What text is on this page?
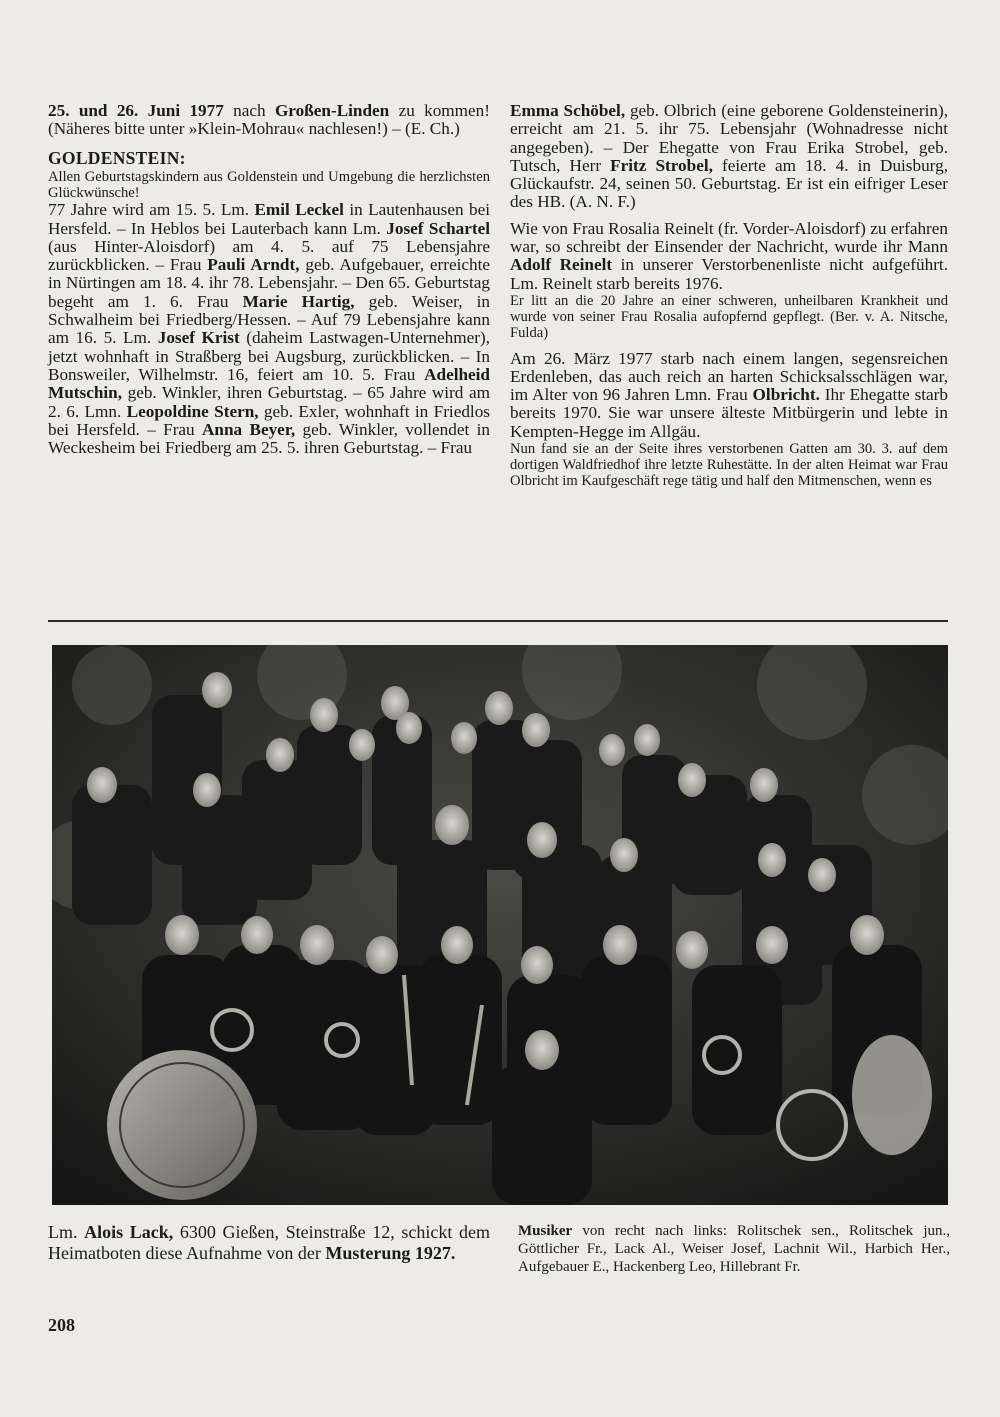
25. und 26. Juni 1977 nach Großen-Linden zu kommen! (Näheres bitte unter »Klein-Mohrau« nachlesen!) – (E. Ch.)

GOLDENSTEIN:

Allen Geburtstagskindern aus Goldenstein und Umgebung die herzlichsten Glückwünsche!

77 Jahre wird am 15. 5. Lm. Emil Leckel in Lautenhausen bei Hersfeld. – In Heblos bei Lauterbach kann Lm. Josef Schartel (aus Hinter-Aloisdorf) am 4. 5. auf 75 Lebensjahre zurückblicken. – Frau Pauli Arndt, geb. Aufgebauer, erreichte in Nürtingen am 18. 4. ihr 78. Lebensjahr. – Den 65. Geburtstag begeht am 1. 6. Frau Marie Hartig, geb. Weiser, in Schwalheim bei Friedberg/Hessen. – Auf 79 Lebensjahre kann am 16. 5. Lm. Josef Krist (daheim Lastwagen-Unternehmer), jetzt wohnhaft in Straßberg bei Augsburg, zurückblicken. – In Bonsweiler, Wilhelmstr. 16, feiert am 10. 5. Frau Adelheid Mutschin, geb. Winkler, ihren Geburtstag. – 65 Jahre wird am 2. 6. Lmn. Leopoldine Stern, geb. Exler, wohnhaft in Friedlos bei Hersfeld. – Frau Anna Beyer, geb. Winkler, vollendet in Weckesheim bei Friedberg am 25. 5. ihren Geburtstag. – Frau

Emma Schöbel, geb. Olbrich (eine geborene Goldensteinerin), erreicht am 21. 5. ihr 75. Lebensjahr (Wohnadresse nicht angegeben). – Der Ehegatte von Frau Erika Strobel, geb. Tutsch, Herr Fritz Strobel, feierte am 18. 4. in Duisburg, Glückaufstr. 24, seinen 50. Geburtstag. Er ist ein eifriger Leser des HB. (A. N. F.)

Wie von Frau Rosalia Reinelt (fr. Vorder-Aloisdorf) zu erfahren war, so schreibt der Einsender der Nachricht, wurde ihr Mann Adolf Reinelt in unserer Verstorbenenliste nicht aufgeführt. Lm. Reinelt starb bereits 1976.

Er litt an die 20 Jahre an einer schweren, unheilbaren Krankheit und wurde von seiner Frau Rosalia aufopfernd gepflegt. (Ber. v. A. Nitsche, Fulda)

Am 26. März 1977 starb nach einem langen, segensreichen Erdenleben, das auch reich an harten Schicksalsschlägen war, im Alter von 96 Jahren Lmn. Frau Olbricht. Ihr Ehegatte starb bereits 1970. Sie war unsere älteste Mitbürgerin und lebte in Kempten-Hegge im Allgäu.

Nun fand sie an der Seite ihres verstorbenen Gatten am 30. 3. auf dem dortigen Waldfriedhof ihre letzte Ruhestätte. In der alten Heimat war Frau Olbricht im Kaufgeschäft rege tätig und half den Mitmenschen, wenn es

Lm. Alois Lack, 6300 Gießen, Steinstraße 12, schickt dem Heimatboten diese Aufnahme von der Musterung 1927.
Musiker von recht nach links: Rolitschek sen., Rolitschek jun., Göttlicher Fr., Lack Al., Weiser Josef, Lachnit Wil., Harbich Her., Aufgebauer E., Hackenberg Leo, Hillebrant Fr.
208
